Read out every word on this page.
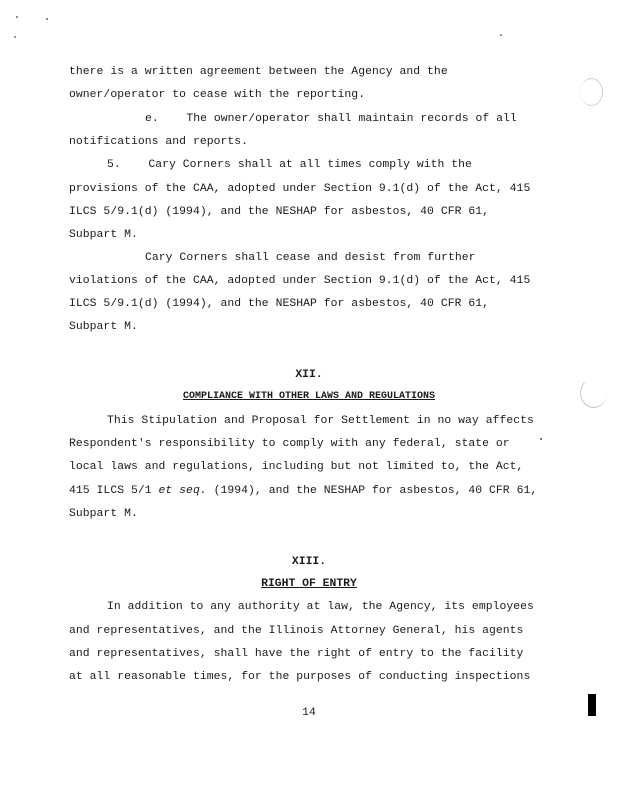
there is a written agreement between the Agency and the
owner/operator to cease with the reporting.
e.    The owner/operator shall maintain records of all
notifications and reports.
5.    Cary Corners shall at all times comply with the
provisions of the CAA, adopted under Section 9.1(d) of the Act, 415
ILCS 5/9.1(d) (1994), and the NESHAP for asbestos, 40 CFR 61,
Subpart M.
Cary Corners shall cease and desist from further
violations of the CAA, adopted under Section 9.1(d) of the Act, 415
ILCS 5/9.1(d) (1994), and the NESHAP for asbestos, 40 CFR 61,
Subpart M.
XII.
COMPLIANCE WITH OTHER LAWS AND REGULATIONS
This Stipulation and Proposal for Settlement in no way affects
Respondent's responsibility to comply with any federal, state or
local laws and regulations, including but not limited to, the Act,
415 ILCS 5/1 et seq. (1994), and the NESHAP for asbestos, 40 CFR 61,
Subpart M.
XIII.
RIGHT OF ENTRY
In addition to any authority at law, the Agency, its employees
and representatives, and the Illinois Attorney General, his agents
and representatives, shall have the right of entry to the facility
at all reasonable times, for the purposes of conducting inspections
14
